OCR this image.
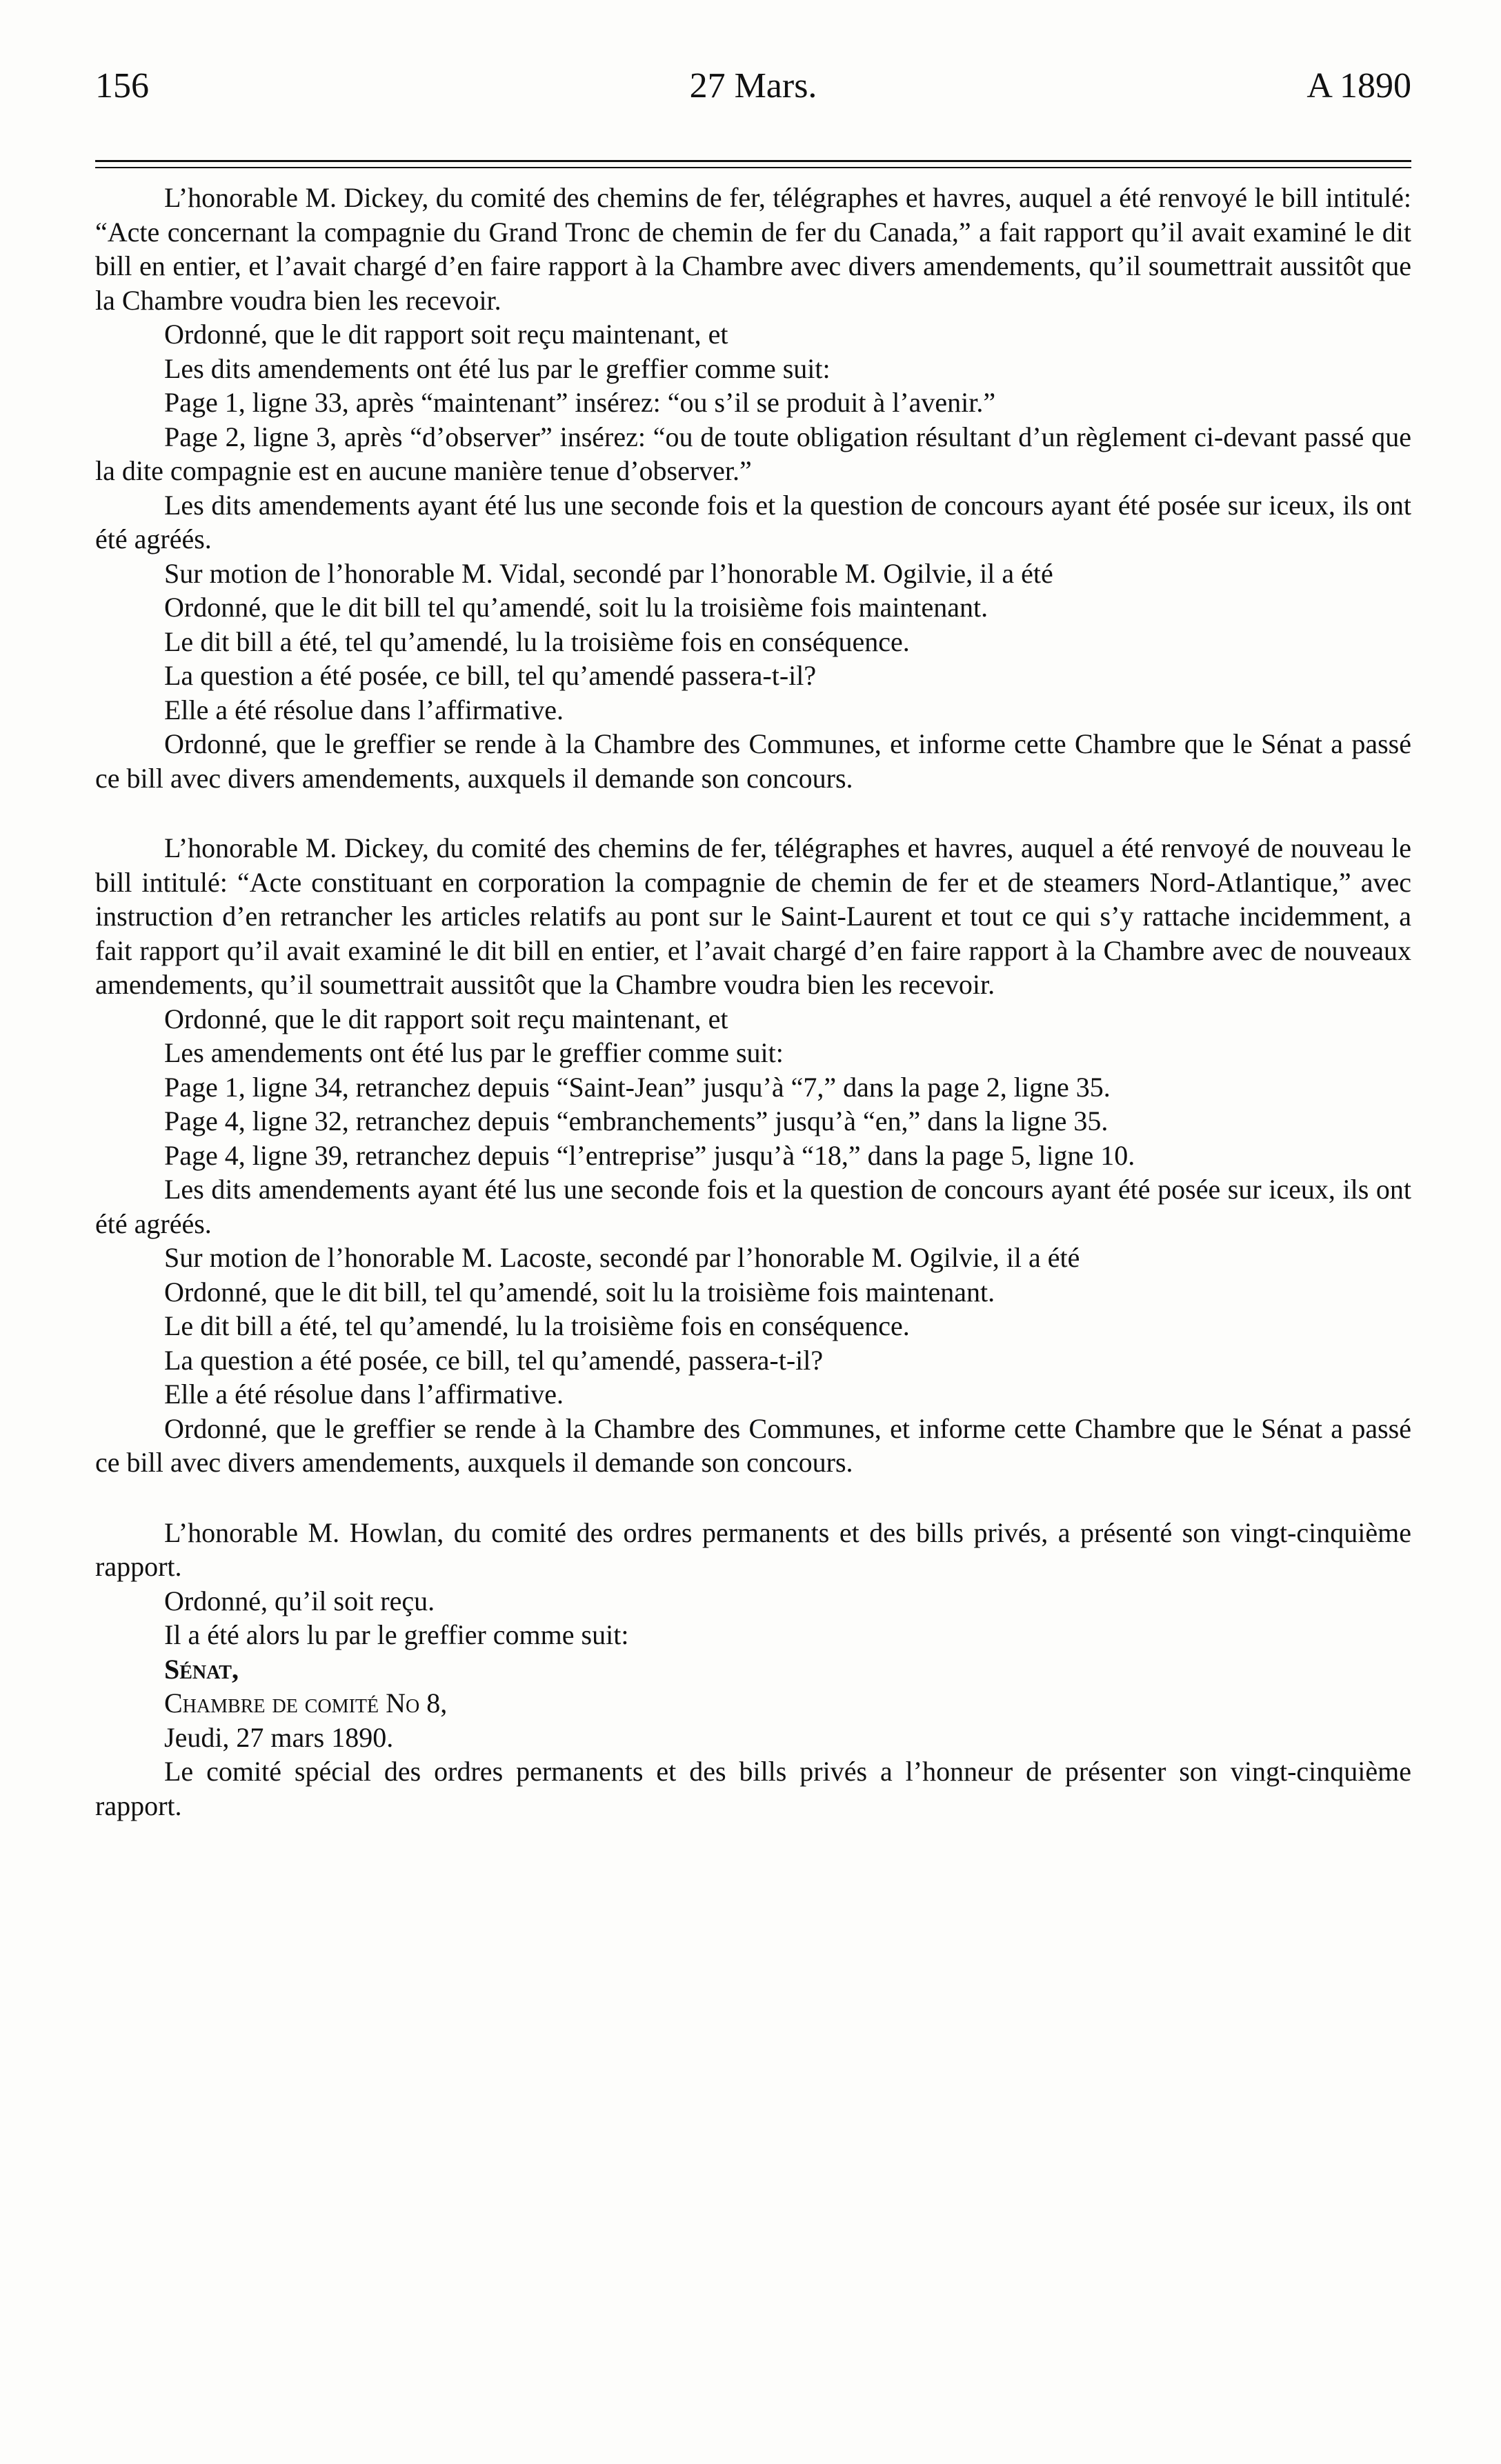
27 Mars.
156	A 1890

L’honorable M. Dickey, du comité des chemins de fer, télégraphes et havres, auquel a été renvoyé le bill intitulé: “Acte concernant la compagnie du Grand Tronc de chemin de fer du Canada,” a fait rapport qu’il avait examiné le dit bill en entier, et l’avait chargé d’en faire rapport à la Chambre avec divers amendements, qu’il soumettrait aussitôt que la Chambre voudra bien les recevoir.

Ordonné, que le dit rapport soit reçu maintenant, et

Les dits amendements ont été lus par le greffier comme suit:

Page 1, ligne 33, après “maintenant” insérez: “ou s’il se produit à l’avenir.”

Page 2, ligne 3, après “d’observer” insérez: “ou de toute obligation résultant d’un règlement ci-devant passé que la dite compagnie est en aucune manière tenue d’observer.”

Les dits amendements ayant été lus une seconde fois et la question de concours ayant été posée sur iceux, ils ont été agréés.

Sur motion de l’honorable M. Vidal, secondé par l’honorable M. Ogilvie, il a été

Ordonné, que le dit bill tel qu’amendé, soit lu la troisième fois maintenant.

Le dit bill a été, tel qu’amendé, lu la troisième fois en conséquence.

La question a été posée, ce bill, tel qu’amendé passera-t-il?

Elle a été résolue dans l’affirmative.

Ordonné, que le greffier se rende à la Chambre des Communes, et informe cette Chambre que le Sénat a passé ce bill avec divers amendements, auxquels il demande son concours.

L’honorable M. Dickey, du comité des chemins de fer, télégraphes et havres, auquel a été renvoyé de nouveau le bill intitulé: “Acte constituant en corporation la compagnie de chemin de fer et de steamers Nord-Atlantique,” avec instruction d’en retrancher les articles relatifs au pont sur le Saint-Laurent et tout ce qui s’y rattache incidemment, a fait rapport qu’il avait examiné le dit bill en entier, et l’avait chargé d’en faire rapport à la Chambre avec de nouveaux amendements, qu’il soumettrait aussitôt que la Chambre voudra bien les recevoir.

Ordonné, que le dit rapport soit reçu maintenant, et

Les amendements ont été lus par le greffier comme suit:

Page 1, ligne 34, retranchez depuis “Saint-Jean” jusqu’à “7,” dans la page 2, ligne 35.

Page 4, ligne 32, retranchez depuis “embranchements” jusqu’à “en,” dans la ligne 35.

Page 4, ligne 39, retranchez depuis “l’entreprise” jusqu’à “18,” dans la page 5, ligne 10.

Les dits amendements ayant été lus une seconde fois et la question de concours ayant été posée sur iceux, ils ont été agréés.

Sur motion de l’honorable M. Lacoste, secondé par l’honorable M. Ogilvie, il a été

Ordonné, que le dit bill, tel qu’amendé, soit lu la troisième fois maintenant.

Le dit bill a été, tel qu’amendé, lu la troisième fois en conséquence.

La question a été posée, ce bill, tel qu’amendé, passera-t-il?

Elle a été résolue dans l’affirmative.

Ordonné, que le greffier se rende à la Chambre des Communes, et informe cette Chambre que le Sénat a passé ce bill avec divers amendements, auxquels il demande son concours.

L’honorable M. Howlan, du comité des ordres permanents et des bills privés, a présenté son vingt-cinquième rapport.

Ordonné, qu’il soit reçu.

Il a été alors lu par le greffier comme suit:

Sénat,

Chambre de comité No 8,

Jeudi, 27 mars 1890.

Le comité spécial des ordres permanents et des bills privés a l’honneur de présenter son vingt-cinquième rapport.
